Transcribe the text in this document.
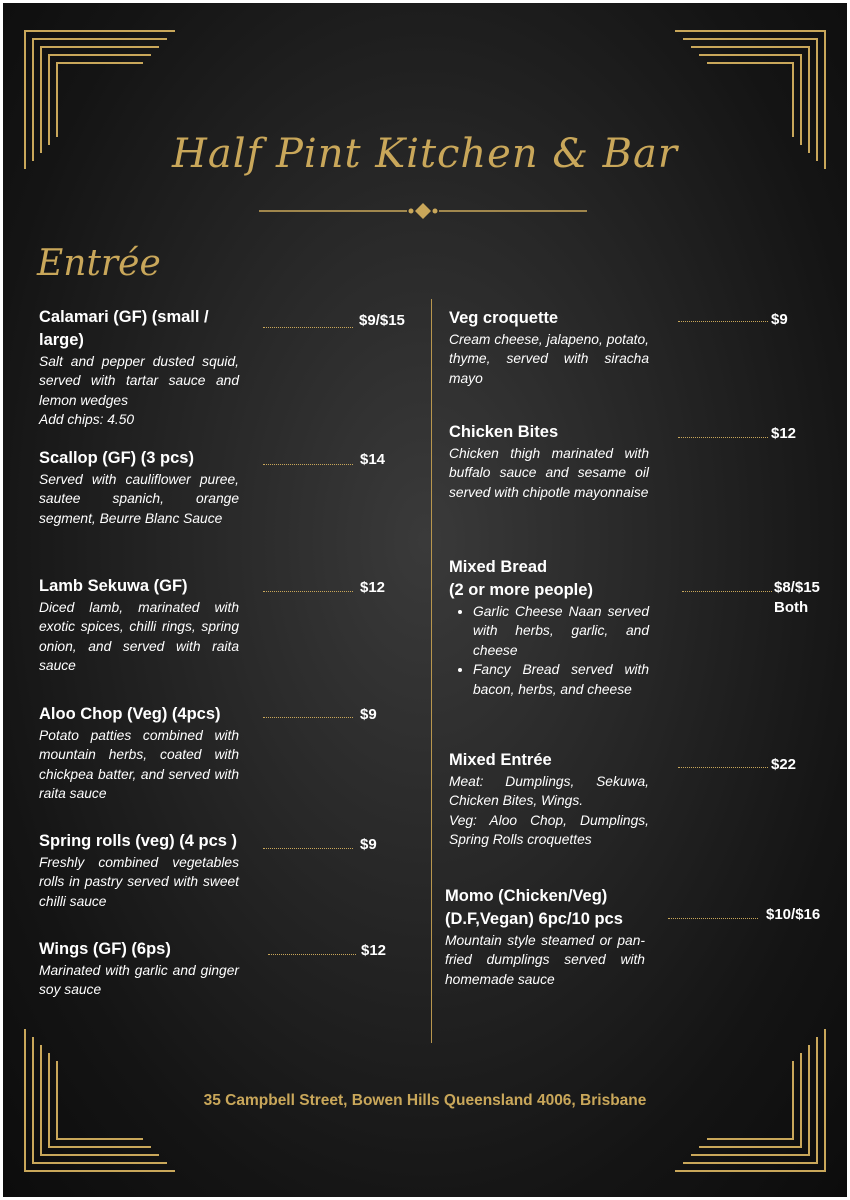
Half Pint Kitchen & Bar
Entrée
Calamari (GF) (small / large)

Salt and pepper dusted squid, served with tartar sauce and lemon wedges

Add chips: 4.50

$9/$15
Scallop (GF) (3 pcs)

Served with cauliflower puree, sautee spanich, orange segment, Beurre Blanc Sauce

$14
Lamb Sekuwa (GF)

Diced lamb, marinated with exotic spices, chilli rings, spring onion, and served with raita sauce

$12
Aloo Chop (Veg) (4pcs)

Potato patties combined with mountain herbs, coated with chickpea batter, and served with raita sauce

$9
Spring rolls (veg) (4 pcs )

Freshly combined vegetables rolls in pastry served with sweet chilli sauce

$9
Wings (GF) (6ps)

Marinated with garlic and ginger soy sauce

$12
Veg croquette

Cream cheese, jalapeno, potato, thyme, served with siracha mayo

$9
Chicken Bites

Chicken thigh marinated with buffalo sauce and sesame oil served with chipotle mayonnaise

$12
Mixed Bread
(2 or more people)
• Garlic Cheese Naan served with herbs, garlic, and cheese
• Fancy Bread served with bacon, herbs, and cheese
$8/$15
Both
Mixed Entrée

Meat: Dumplings, Sekuwa, Chicken Bites, Wings.

Veg: Aloo Chop, Dumplings, Spring Rolls croquettes

$22
Momo (Chicken/Veg)
(D.F,Vegan) 6pc/10 pcs

Mountain style steamed or pan-fried dumplings served with homemade sauce

$10/$16
35 Campbell Street, Bowen Hills Queensland 4006, Brisbane
